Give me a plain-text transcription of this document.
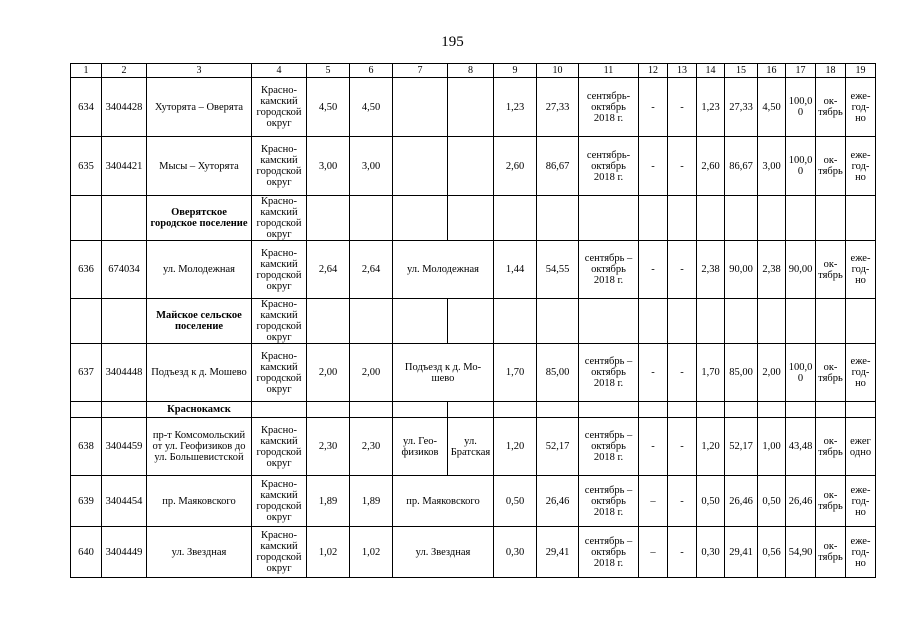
195
1	2	3	4	5	6	7	8	9	10	11	12	13	14	15	16	17	18	19
634	3404428	Хуторята – Оверята	Красно-камский городской округ	4,50	4,50			1,23	27,33	сентябрь-октябрь 2018 г.	-	-	1,23	27,33	4,50	100,0 0	ок-тябрь	еже-год-но
635	3404421	Мысы – Хуторята	Красно-камский городской округ	3,00	3,00			2,60	86,67	сентябрь-октябрь 2018 г.	-	-	2,60	86,67	3,00	100,0 0	ок-тябрь	еже-год-но
		Оверятское городское поселение	Красно-камский городской округ															
636	674034	ул. Молодежная	Красно-камский городской округ	2,64	2,64	ул. Молодежная		1,44	54,55	сентябрь – октябрь 2018 г.	-	-	2,38	90,00	2,38	90,00	ок-тябрь	еже-год-но
		Майское сельское поселение	Красно-камский городской округ															
637	3404448	Подъезд к д. Мошево	Красно-камский городской округ	2,00	2,00	Подъезд к д. Мо-шево		1,70	85,00	сентябрь – октябрь 2018 г.	-	-	1,70	85,00	2,00	100,0 0	ок-тябрь	еже-год-но
		Краснокамск																
638	3404459	пр-т Комсомольский от ул. Геофизиков до ул. Большевистской	Красно-камский городской округ	2,30	2,30	ул. Гео-физиков	ул. Братская	1,20	52,17	сентябрь – октябрь 2018 г.	-	-	1,20	52,17	1,00	43,48	ок-тябрь	ежег одно
639	3404454	пр. Маяковского	Красно-камский городской округ	1,89	1,89	пр. Маяковского		0,50	26,46	сентябрь – октябрь 2018 г.	–	-	0,50	26,46	0,50	26,46	ок-тябрь	еже-год-но
640	3404449	ул. Звездная	Красно-камский городской округ	1,02	1,02	ул. Звездная		0,30	29,41	сентябрь – октябрь 2018 г.	–	-	0,30	29,41	0,56	54,90	ок-тябрь	еже-год-но
